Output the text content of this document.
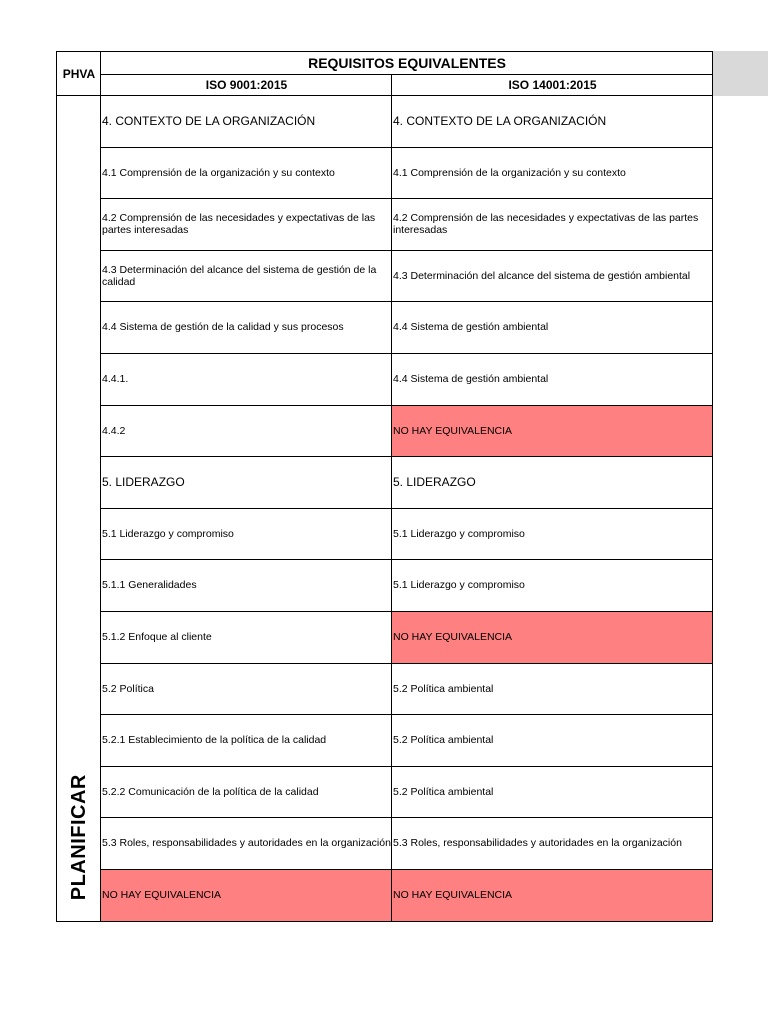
PHVA	REQUISITOS EQUIVALENTES	
	ISO 9001:2015	ISO 14001:2015

PLANIFICAR	4. CONTEXTO DE LA ORGANIZACIÓN	4. CONTEXTO DE LA ORGANIZACIÓN
	4.1 Comprensión de la organización y su contexto	4.1 Comprensión de la organización y su contexto
	4.2 Comprensión de las necesidades y expectativas de las partes interesadas	4.2 Comprensión de las necesidades y expectativas de las partes interesadas
	4.3 Determinación del alcance del sistema de gestión de la calidad	4.3 Determinación del alcance del sistema de gestión ambiental
	4.4 Sistema de gestión de la calidad y sus procesos	4.4 Sistema de gestión ambiental
	4.4.1.	4.4 Sistema de gestión ambiental
	4.4.2	NO HAY EQUIVALENCIA
	5. LIDERAZGO	5. LIDERAZGO
	5.1 Liderazgo y compromiso	5.1 Liderazgo y compromiso
	5.1.1 Generalidades	5.1 Liderazgo y compromiso
	5.1.2 Enfoque al cliente	NO HAY EQUIVALENCIA
	5.2 Política	5.2 Política ambiental
	5.2.1 Establecimiento de la política de la calidad	5.2 Política ambiental
	5.2.2 Comunicación de la política de la calidad	5.2 Política ambiental
	5.3 Roles, responsabilidades y autoridades en la organización	5.3 Roles, responsabilidades y autoridades en la organización
	NO HAY EQUIVALENCIA	NO HAY EQUIVALENCIA
